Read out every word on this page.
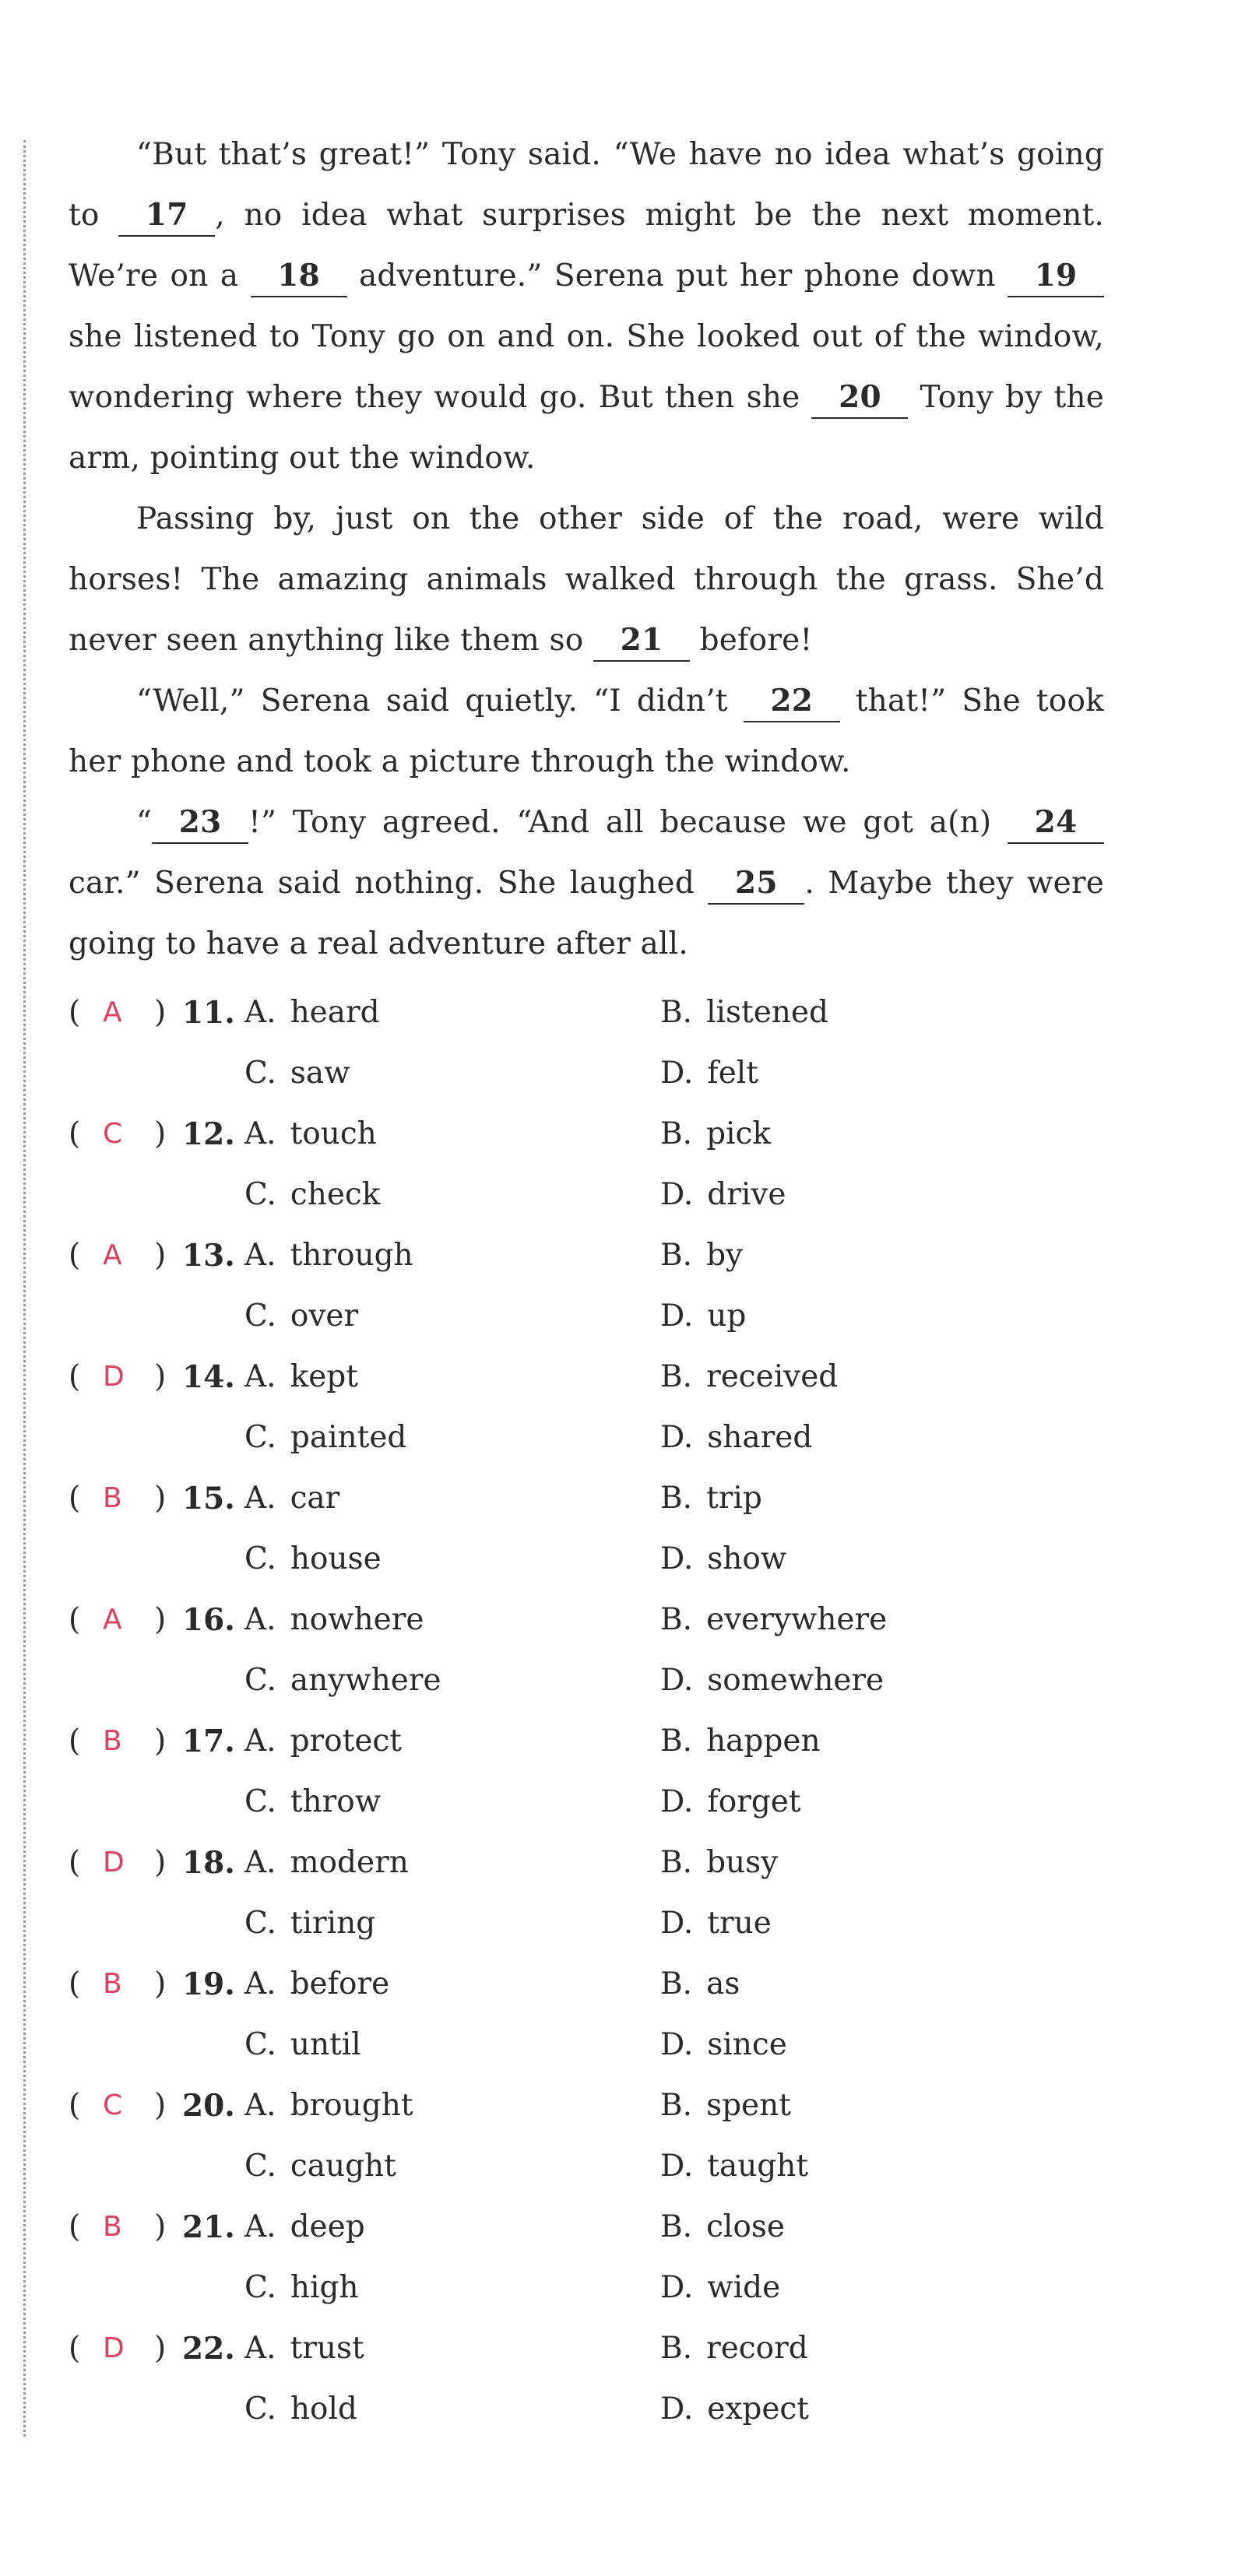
“But that’s great!” Tony said. “We have no idea what’s going to 17 , no idea what surprises might be the next moment. We’re on a 18 adventure.” Serena put her phone down 19 she listened to Tony go on and on. She looked out of the window, wondering where they would go. But then she 20 Tony by the arm, pointing out the window.

Passing by, just on the other side of the road, were wild horses! The amazing animals walked through the grass. She’d never seen anything like them so 21 before!

“Well,” Serena said quietly. “I didn’t 22 that!” She took her phone and took a picture through the window.

“ 23 !” Tony agreed. “And all because we got a(n) 24 car.” Serena said nothing. She laughed 25 . Maybe they were going to have a real adventure after all.

( A ) 11. A. heard	B. listened
C. saw	D. felt
( C ) 12. A. touch	B. pick
C. check	D. drive
( A ) 13. A. through	B. by
C. over	D. up
( D ) 14. A. kept	B. received
C. painted	D. shared
( B ) 15. A. car	B. trip
C. house	D. show
( A ) 16. A. nowhere	B. everywhere
C. anywhere	D. somewhere
( B ) 17. A. protect	B. happen
C. throw	D. forget
( D ) 18. A. modern	B. busy
C. tiring	D. true
( B ) 19. A. before	B. as
C. until	D. since
( C ) 20. A. brought	B. spent
C. caught	D. taught
( B ) 21. A. deep	B. close
C. high	D. wide
( D ) 22. A. trust	B. record
C. hold	D. expect
